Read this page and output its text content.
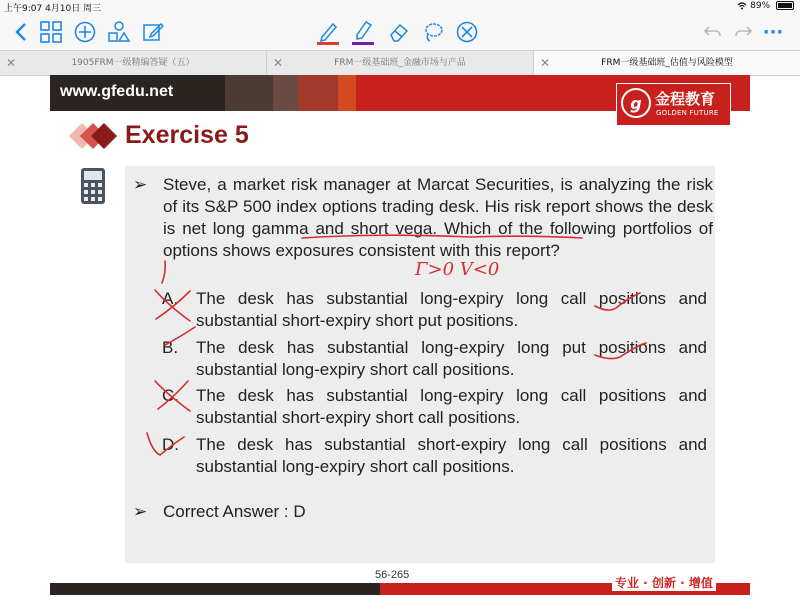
上午9:07 4月10日 周三	89%
···
✕	1905FRM一级精编答疑（五）	✕	FRM一级基础班_金融市场与产品	✕	FRM一级基础班_估值与风险模型
www.gfedu.net
g 金程教育
GOLDEN FUTURE
Exercise 5
➢ Steve, a market risk manager at Marcat Securities, is analyzing the risk of its S&P 500 index options trading desk. His risk report shows the desk is net long gamma and short vega. Which of the following portfolios of options shows exposures consistent with this report?
A. The desk has substantial long-expiry long call positions and substantial short-expiry short put positions.
B. The desk has substantial long-expiry long put positions and substantial long-expiry short call positions.
C. The desk has substantial long-expiry long call positions and substantial short-expiry short call positions.
D. The desk has substantial short-expiry long call positions and substantial long-expiry short call positions.
➢ Correct Answer : D
56-265
专业 · 创新 · 增值
Γ>0 V<0
